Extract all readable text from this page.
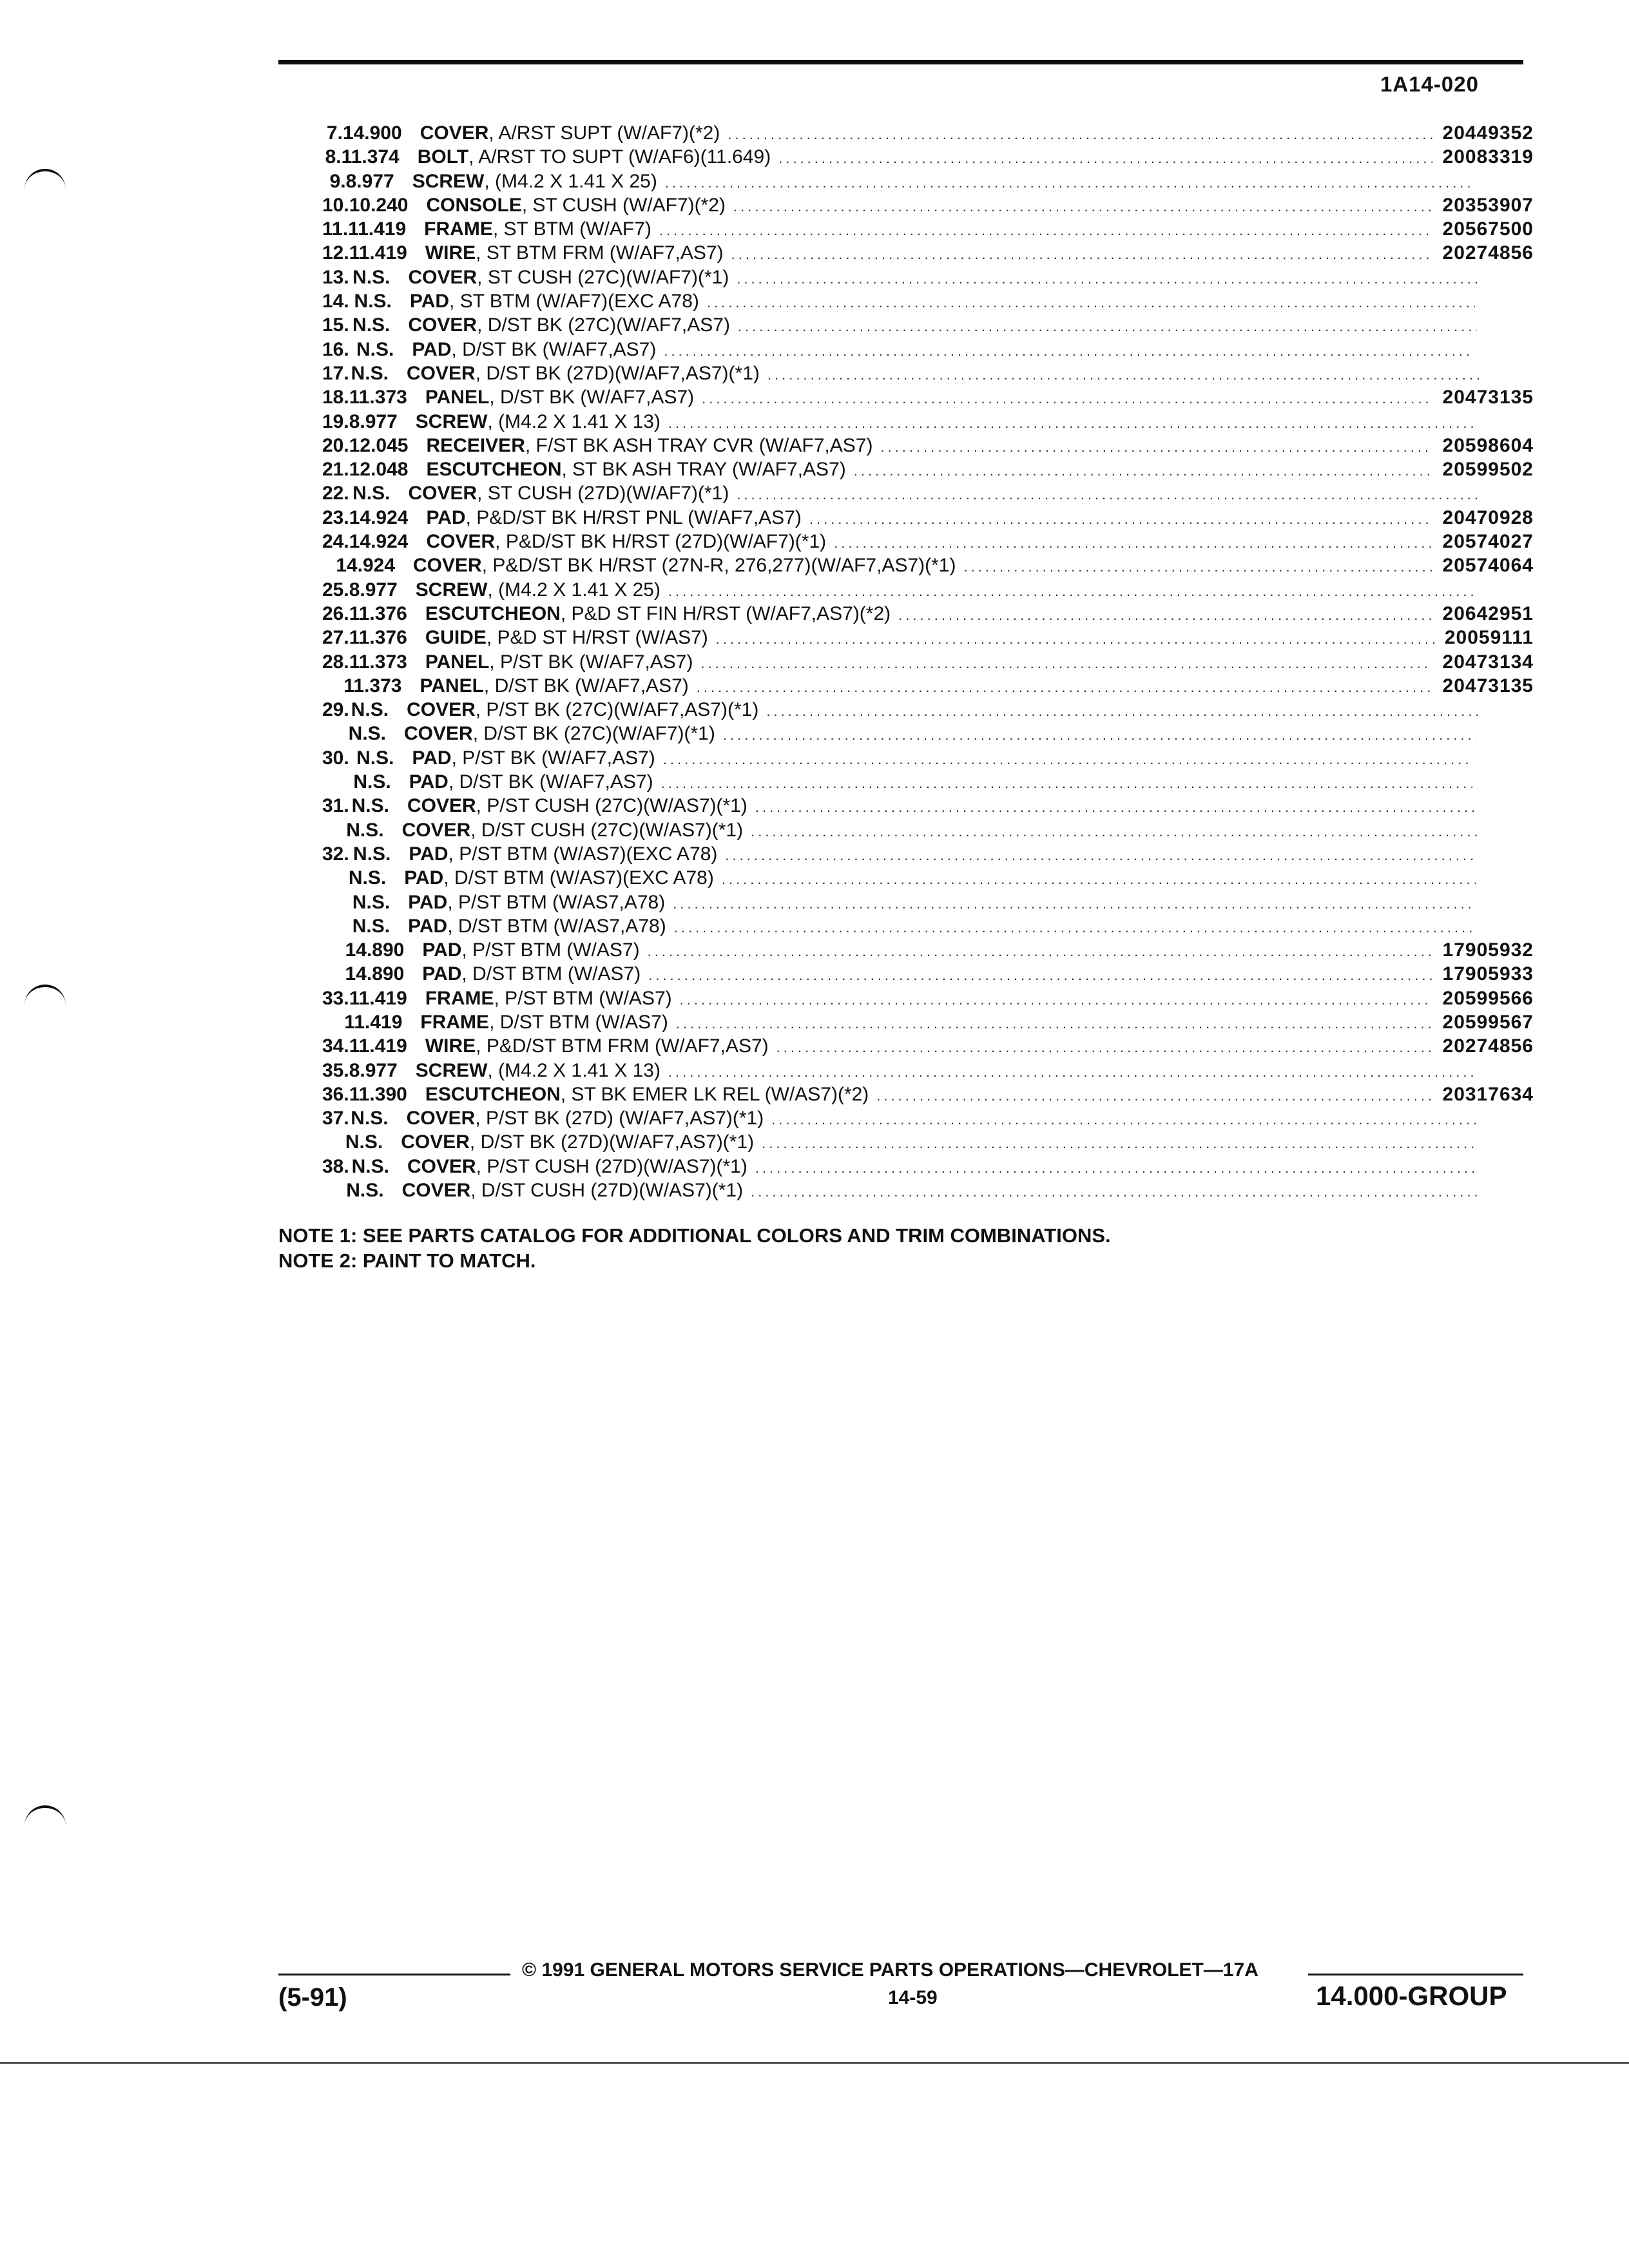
1A14-020
7. 14.900 COVER, A/RST SUPT (W/AF7)(*2) .....	20449352
8. 11.374 BOLT, A/RST TO SUPT (W/AF6)(11.649) .....	20083319
9. 8.977 SCREW, (M4.2 X 1.41 X 25)
.....
10. 10.240 CONSOLE, ST CUSH (W/AF7)(*2) .....	20353907
11. 11.419 FRAME, ST BTM (W/AF7) .....	20567500
12. 11.419 WIRE, ST BTM FRM (W/AF7,AS7) .....	20274856
13. N.S. COVER, ST CUSH (27C)(W/AF7)(*1)
.....
14. N.S. PAD, ST BTM (W/AF7)(EXC A78)
.....
15. N.S. COVER, D/ST BK (27C)(W/AF7,AS7)
.....
16. N.S. PAD, D/ST BK (W/AF7,AS7)
.....
17. N.S. COVER, D/ST BK (27D)(W/AF7,AS7)(*1)
.....
18. 11.373 PANEL, D/ST BK (W/AF7,AS7) .....	20473135
19. 8.977 SCREW, (M4.2 X 1.41 X 13)
.....
20. 12.045 RECEIVER, F/ST BK ASH TRAY CVR (W/AF7,AS7) .....	20598604
21. 12.048 ESCUTCHEON, ST BK ASH TRAY (W/AF7,AS7) .....	20599502
22. N.S. COVER, ST CUSH (27D)(W/AF7)(*1)
.....
23. 14.924 PAD, P&D/ST BK H/RST PNL (W/AF7,AS7) .....	20470928
24. 14.924 COVER, P&D/ST BK H/RST (27D)(W/AF7)(*1) .....	20574027
14.924 COVER, P&D/ST BK H/RST (27N-R, 276,277)(W/AF7,AS7)(*1) .....	20574064
25. 8.977 SCREW, (M4.2 X 1.41 X 25)
.....
26. 11.376 ESCUTCHEON, P&D ST FIN H/RST (W/AF7,AS7)(*2) .....	20642951
27. 11.376 GUIDE, P&D ST H/RST (W/AS7) .....	20059111
28. 11.373 PANEL, P/ST BK (W/AF7,AS7) .....	20473134
11.373 PANEL, D/ST BK (W/AF7,AS7) .....	20473135
29. N.S. COVER, P/ST BK (27C)(W/AF7,AS7)(*1)
.....
N.S. COVER, D/ST BK (27C)(W/AF7)(*1)
.....
30. N.S. PAD, P/ST BK (W/AF7,AS7)
.....
N.S. PAD, D/ST BK (W/AF7,AS7)
.....
31. N.S. COVER, P/ST CUSH (27C)(W/AS7)(*1)
.....
N.S. COVER, D/ST CUSH (27C)(W/AS7)(*1)
.....
32. N.S. PAD, P/ST BTM (W/AS7)(EXC A78)
.....
N.S. PAD, D/ST BTM (W/AS7)(EXC A78)
.....
N.S. PAD, P/ST BTM (W/AS7,A78)
.....
N.S. PAD, D/ST BTM (W/AS7,A78)
.....
14.890 PAD, P/ST BTM (W/AS7) .....	17905932
14.890 PAD, D/ST BTM (W/AS7) .....	17905933
33. 11.419 FRAME, P/ST BTM (W/AS7) .....	20599566
11.419 FRAME, D/ST BTM (W/AS7) .....	20599567
34. 11.419 WIRE, P&D/ST BTM FRM (W/AF7,AS7) .....	20274856
35. 8.977 SCREW, (M4.2 X 1.41 X 13)
.....
36. 11.390 ESCUTCHEON, ST BK EMER LK REL (W/AS7)(*2) .....	20317634
37. N.S. COVER, P/ST BK (27D) (W/AF7,AS7)(*1)
.....
N.S. COVER, D/ST BK (27D)(W/AF7,AS7)(*1)
.....
38. N.S. COVER, P/ST CUSH (27D)(W/AS7)(*1)
.....
N.S. COVER, D/ST CUSH (27D)(W/AS7)(*1)
.....
NOTE 1: SEE PARTS CATALOG FOR ADDITIONAL COLORS AND TRIM COMBINATIONS.
NOTE 2: PAINT TO MATCH.
© 1991 GENERAL MOTORS SERVICE PARTS OPERATIONS—CHEVROLET—17A
(5-91)	14-59	14.000-GROUP
